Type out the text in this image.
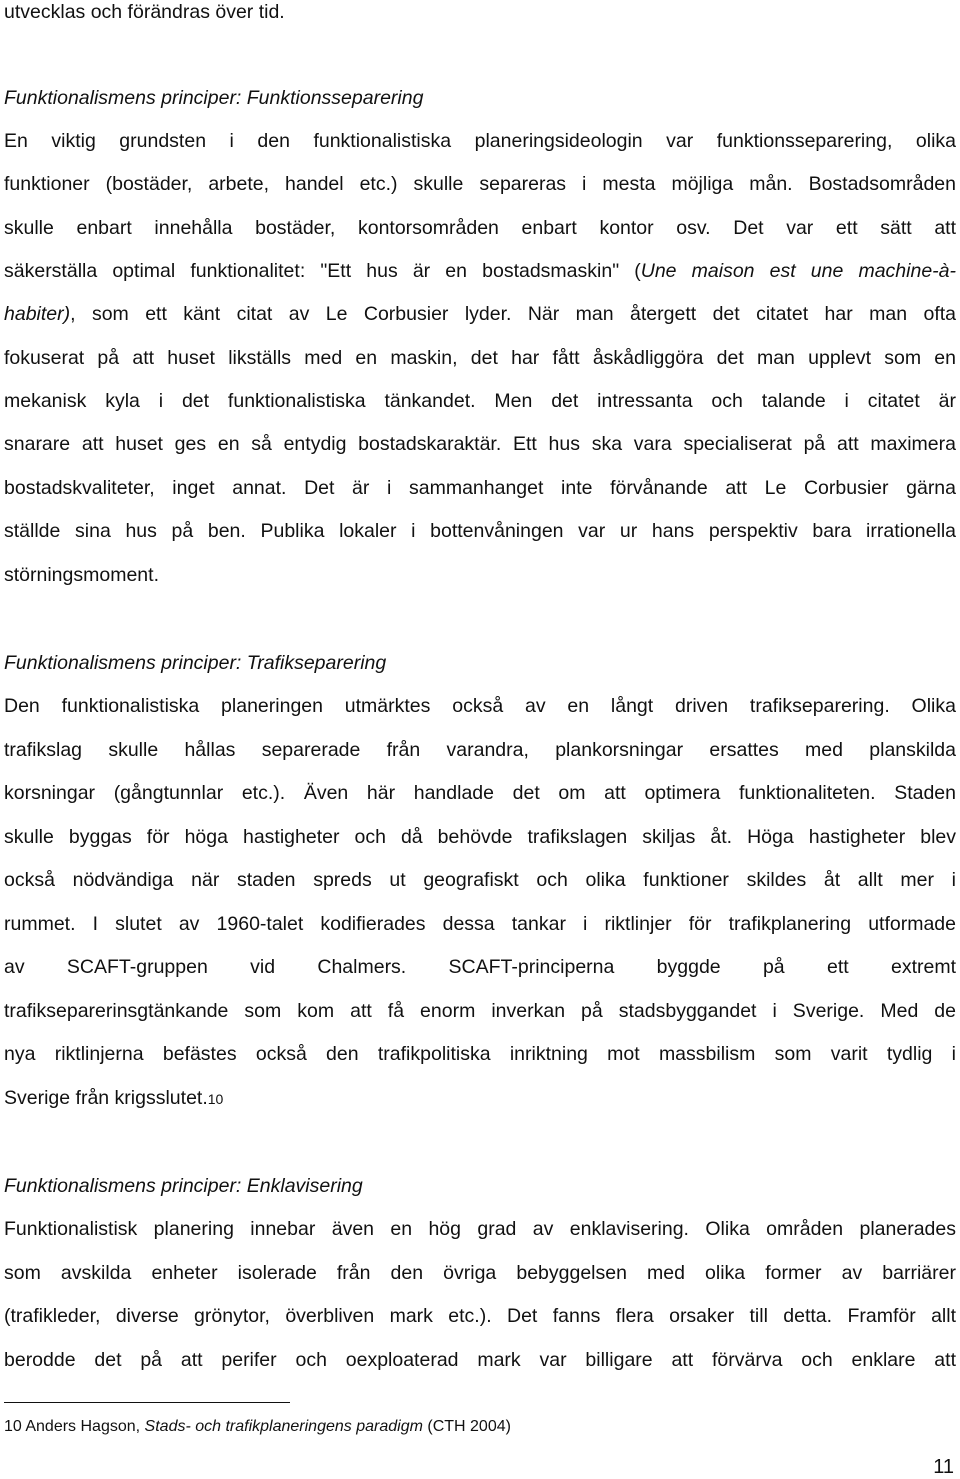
utvecklas och förändras över tid.
Funktionalismens principer: Funktionsseparering
En viktig grundsten i den funktionalistiska planeringsideologin var funktionsseparering, olika
funktioner (bostäder, arbete, handel etc.) skulle separeras i mesta möjliga mån. Bostadsområden
skulle enbart innehålla bostäder, kontorsområden enbart kontor osv. Det var ett sätt att
säkerställa optimal funktionalitet: "Ett hus är en bostadsmaskin" (Une maison est une machine-à-
habiter), som ett känt citat av Le Corbusier lyder. När man återgett det citatet har man ofta
fokuserat på att huset likställs med en maskin, det har fått åskådliggöra det man upplevt som en
mekanisk kyla i det funktionalistiska tänkandet. Men det intressanta och talande i citatet är
snarare att huset ges en så entydig bostadskaraktär. Ett hus ska vara specialiserat på att maximera
bostadskvaliteter, inget annat. Det är i sammanhanget inte förvånande att Le Corbusier gärna
ställde sina hus på ben. Publika lokaler i bottenvåningen var ur hans perspektiv bara irrationella
störningsmoment.
Funktionalismens principer: Trafikseparering
Den funktionalistiska planeringen utmärktes också av en långt driven trafikseparering. Olika
trafikslag skulle hållas separerade från varandra, plankorsningar ersattes med planskilda
korsningar (gångtunnlar etc.). Även här handlade det om att optimera funktionaliteten. Staden
skulle byggas för höga hastigheter och då behövde trafikslagen skiljas åt. Höga hastigheter blev
också nödvändiga när staden spreds ut geografiskt och olika funktioner skildes åt allt mer i
rummet. I slutet av 1960-talet kodifierades dessa tankar i riktlinjer för trafikplanering utformade
av SCAFT-gruppen vid Chalmers. SCAFT-principerna byggde på ett extremt
trafikseparerinsgtänkande som kom att få enorm inverkan på stadsbyggandet i Sverige. Med de
nya riktlinjerna befästes också den trafikpolitiska inriktning mot massbilism som varit tydlig i
Sverige från krigsslutet.10
Funktionalismens principer: Enklavisering
Funktionalistisk planering innebar även en hög grad av enklavisering. Olika områden planerades
som avskilda enheter isolerade från den övriga bebyggelsen med olika former av barriärer
(trafikleder, diverse grönytor, överbliven mark etc.). Det fanns flera orsaker till detta. Framför allt
berodde det på att perifer och oexploaterad mark var billigare att förvärva och enklare att
10 Anders Hagson, Stads- och trafikplaneringens paradigm (CTH 2004)
11
